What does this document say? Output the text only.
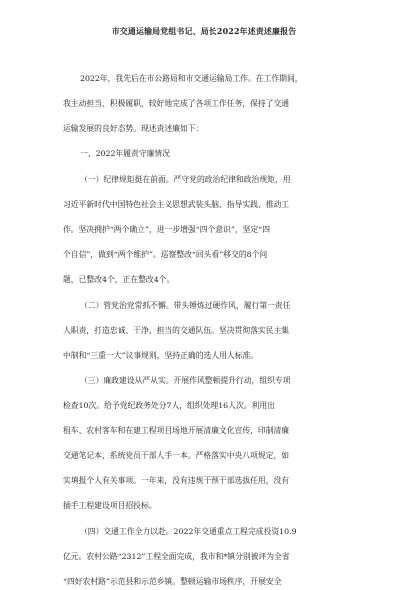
市交通运输局党组书记、局长2022年述责述廉报告
2022年，我先后在市公路局和市交通运输局工作。在工作期间，
我主动担当、积极履职，较好地完成了各项工作任务，保持了交通
运输发展的良好态势。现述责述廉如下：
一、2022年履责守廉情况
（一）纪律规矩挺在前面。严守党的政治纪律和政治规矩，用
习近平新时代中国特色社会主义思想武装头脑、指导实践、推动工
作。坚决拥护“两个确立”，进一步增强“四个意识”，坚定“四
个自信”，做到“两个维护”。巡察整改“回头看”移交的8个问
题，已整改4个，正在整改4个。
（二）管党治党常抓不懈。带头锤炼过硬作风，履行第一责任
人职责，打造忠诚、干净、担当的交通队伍。坚决贯彻落实民主集
中制和“三重一大”议事规则，坚持正确的选人用人标准。
（三）廉政建设从严从实。开展作风整顿提升行动，组织专项
检查10次。给予党纪政务处分7人，组织处理16人次。利用出
租车、农村客车和在建工程项目场地开展清廉文化宣传，印制清廉
交通笔记本，系统党员干部人手一本。严格落实中央八项规定，如
实填报个人有关事项。一年来，没有违规干预干部选拔任用，没有
插手工程建设项目招投标。
（四）交通工作全力以赴。2022年交通重点工程完成投资10.9
亿元。农村公路“2312”工程全面完成，我市和*镇分别被评为全省
“四好农村路”示范县和示范乡镇。整顿运输市场秩序，开展安全
